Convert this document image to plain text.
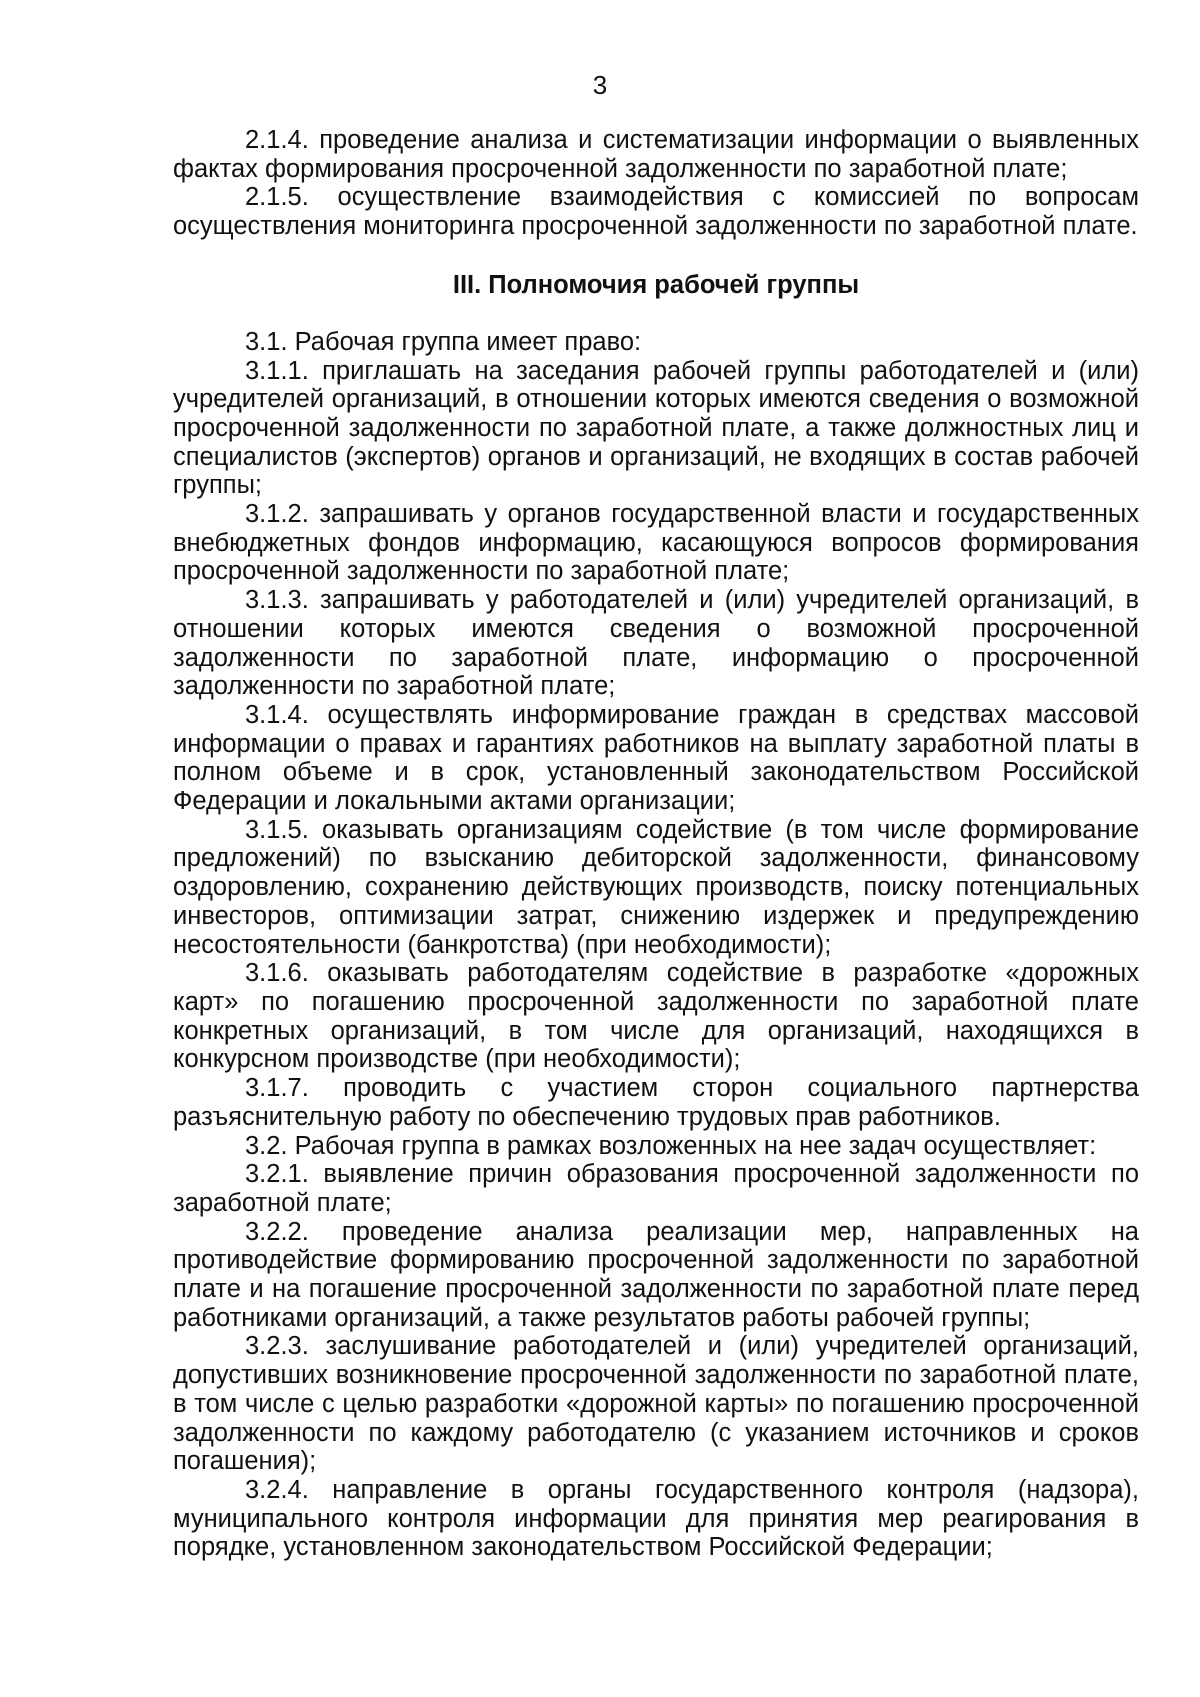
3

2.1.4. проведение анализа и систематизации информации о выявленных фактах формирования просроченной задолженности по заработной плате;

2.1.5. осуществление взаимодействия с комиссией по вопросам осуществления мониторинга просроченной задолженности по заработной плате.

III. Полномочия рабочей группы

3.1. Рабочая группа имеет право:

3.1.1. приглашать на заседания рабочей группы работодателей и (или) учредителей организаций, в отношении которых имеются сведения о возможной просроченной задолженности по заработной плате, а также должностных лиц и специалистов (экспертов) органов и организаций, не входящих в состав рабочей группы;

3.1.2. запрашивать у органов государственной власти и государственных внебюджетных фондов информацию, касающуюся вопросов формирования просроченной задолженности по заработной плате;

3.1.3. запрашивать у работодателей и (или) учредителей организаций, в отношении которых имеются сведения о возможной просроченной задолженности по заработной плате, информацию о просроченной задолженности по заработной плате;

3.1.4. осуществлять информирование граждан в средствах массовой информации о правах и гарантиях работников на выплату заработной платы в полном объеме и в срок, установленный законодательством Российской Федерации и локальными актами организации;

3.1.5. оказывать организациям содействие (в том числе формирование предложений) по взысканию дебиторской задолженности, финансовому оздоровлению, сохранению действующих производств, поиску потенциальных инвесторов, оптимизации затрат, снижению издержек и предупреждению несостоятельности (банкротства) (при необходимости);

3.1.6. оказывать работодателям содействие в разработке «дорожных карт» по погашению просроченной задолженности по заработной плате конкретных организаций, в том числе для организаций, находящихся в конкурсном производстве (при необходимости);

3.1.7. проводить с участием сторон социального партнерства разъяснительную работу по обеспечению трудовых прав работников.

3.2. Рабочая группа в рамках возложенных на нее задач осуществляет:

3.2.1. выявление причин образования просроченной задолженности по заработной плате;

3.2.2. проведение анализа реализации мер, направленных на противодействие формированию просроченной задолженности по заработной плате и на погашение просроченной задолженности по заработной плате перед работниками организаций, а также результатов работы рабочей группы;

3.2.3. заслушивание работодателей и (или) учредителей организаций, допустивших возникновение просроченной задолженности по заработной плате, в том числе с целью разработки «дорожной карты» по погашению просроченной задолженности по каждому работодателю (с указанием источников и сроков погашения);

3.2.4. направление в органы государственного контроля (надзора), муниципального контроля информации для принятия мер реагирования в порядке, установленном законодательством Российской Федерации;
